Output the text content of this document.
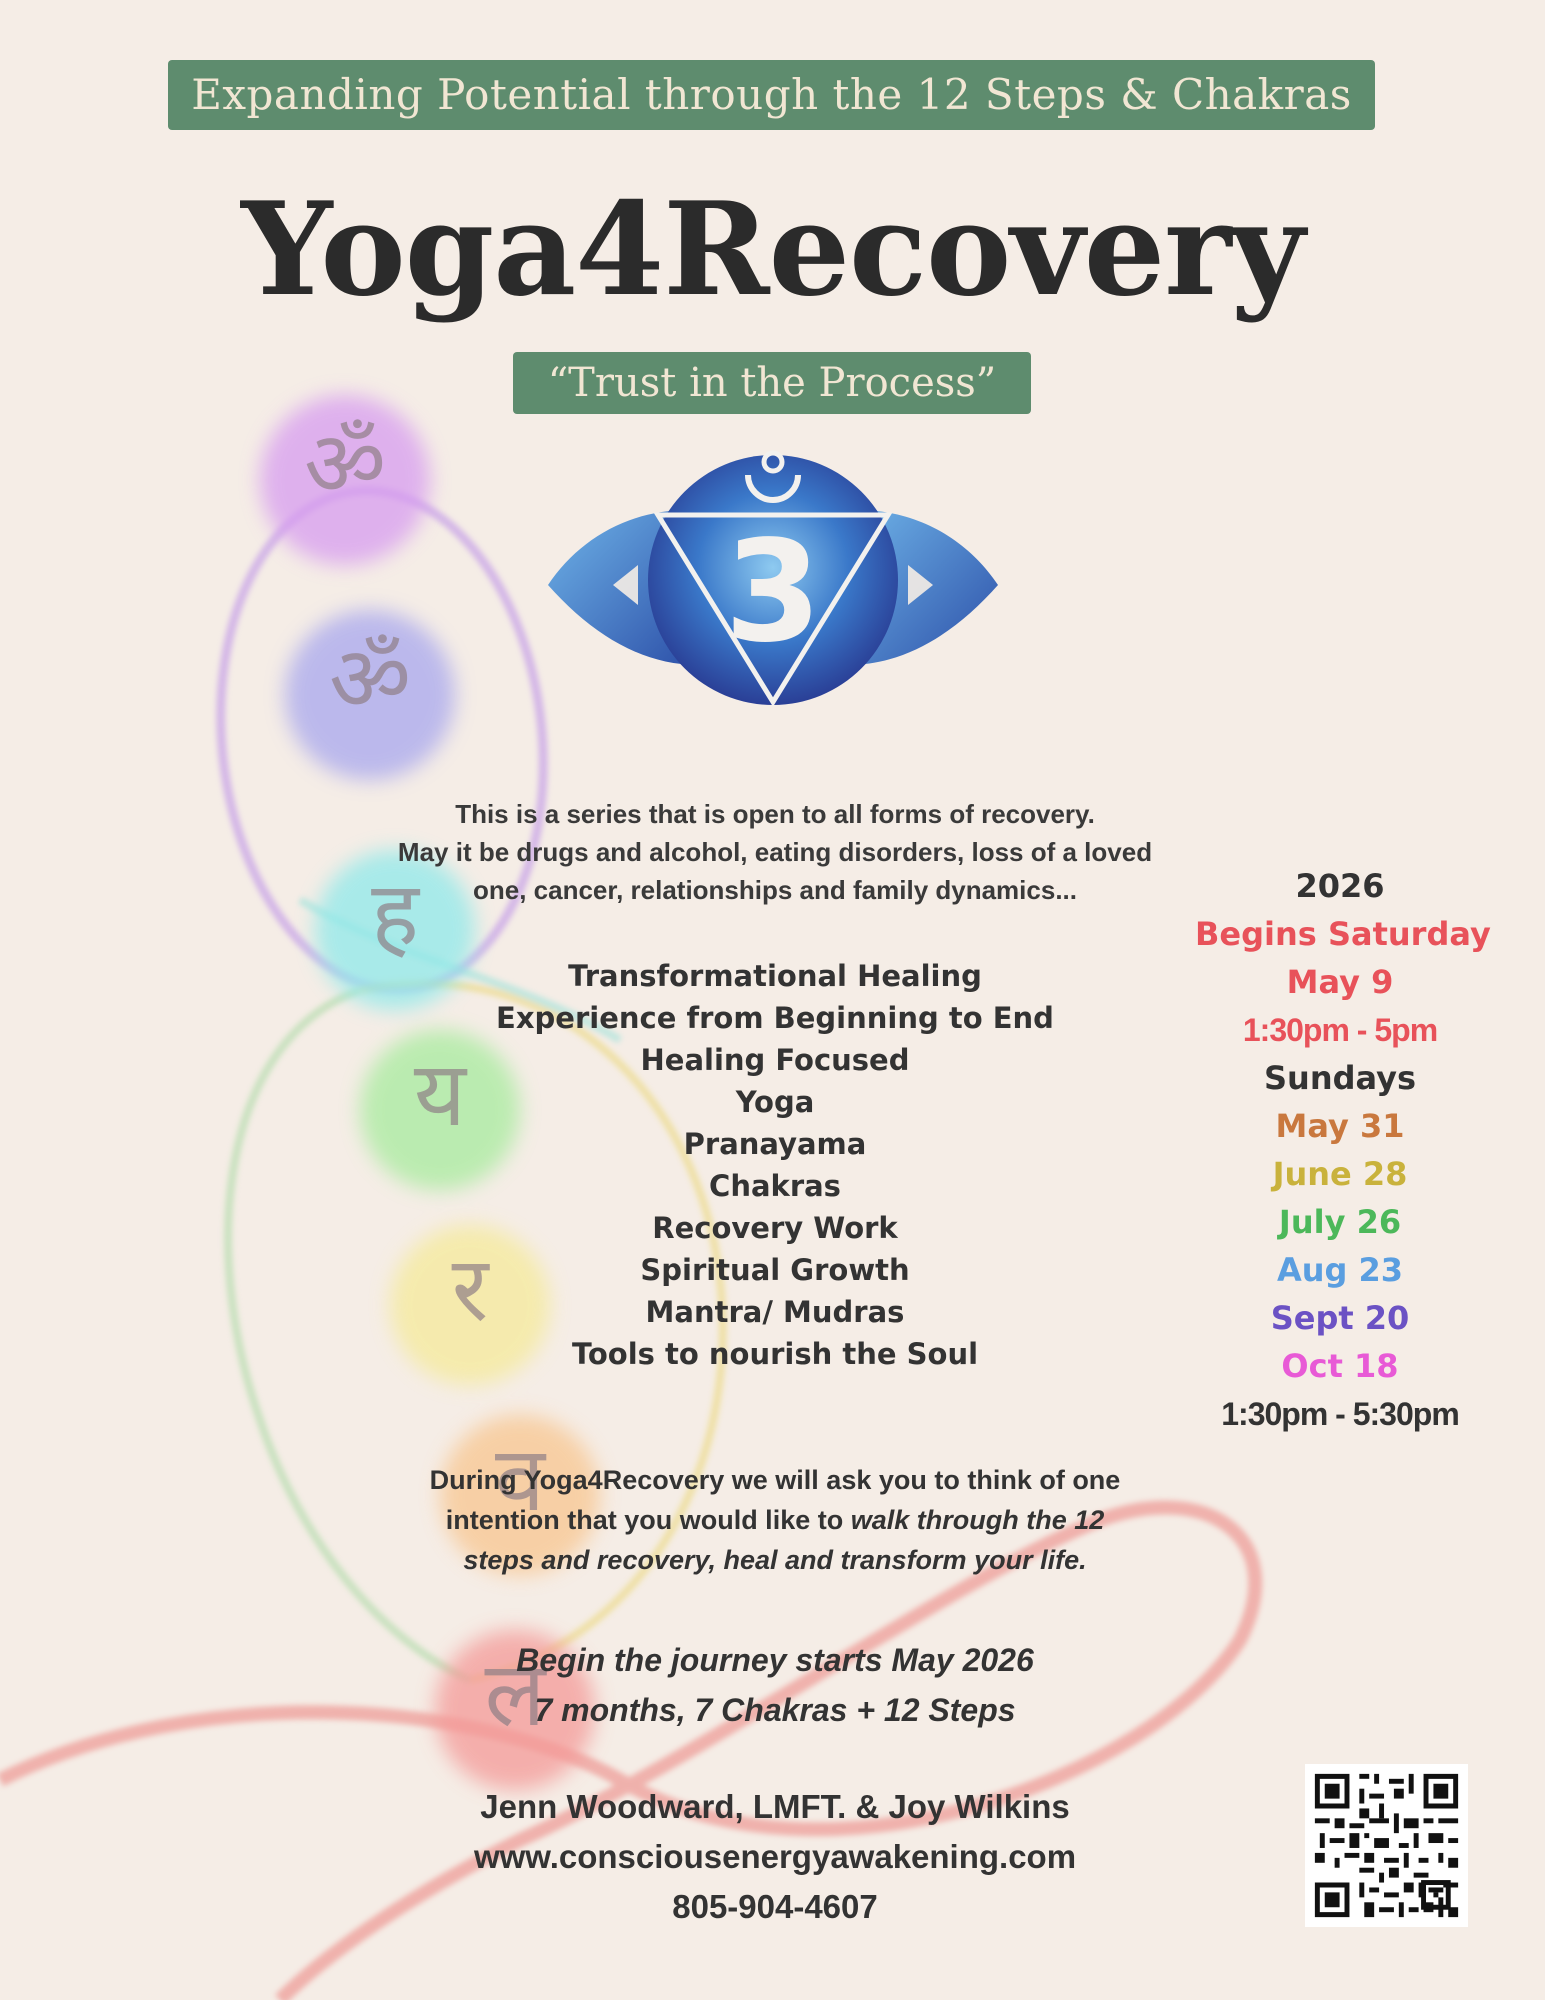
ॐ
ॐ
ह
य
र
व
ल
Expanding Potential through the 12 Steps & Chakras
Yoga4Recovery
“Trust in the Process”
3
This is a series that is open to all forms of recovery.
May it be drugs and alcohol, eating disorders, loss of a loved
one, cancer, relationships and family dynamics...
Transformational Healing
Experience from Beginning to End
Healing Focused
Yoga
Pranayama
Chakras
Recovery Work
Spiritual Growth
Mantra/ Mudras
Tools to nourish the Soul
During Yoga4Recovery we will ask you to think of one
intention that you would like to walk through the 12
steps and recovery, heal and transform your life.
Begin the journey starts May 2026
7 months, 7 Chakras + 12 Steps
Jenn Woodward, LMFT. & Joy Wilkins
www.consciousenergyawakening.com
805-904-4607
2026
Begins Saturday
May 9
1:30pm - 5pm
Sundays
May 31
June 28
July 26
Aug 23
Sept 20
Oct 18
1:30pm - 5:30pm
